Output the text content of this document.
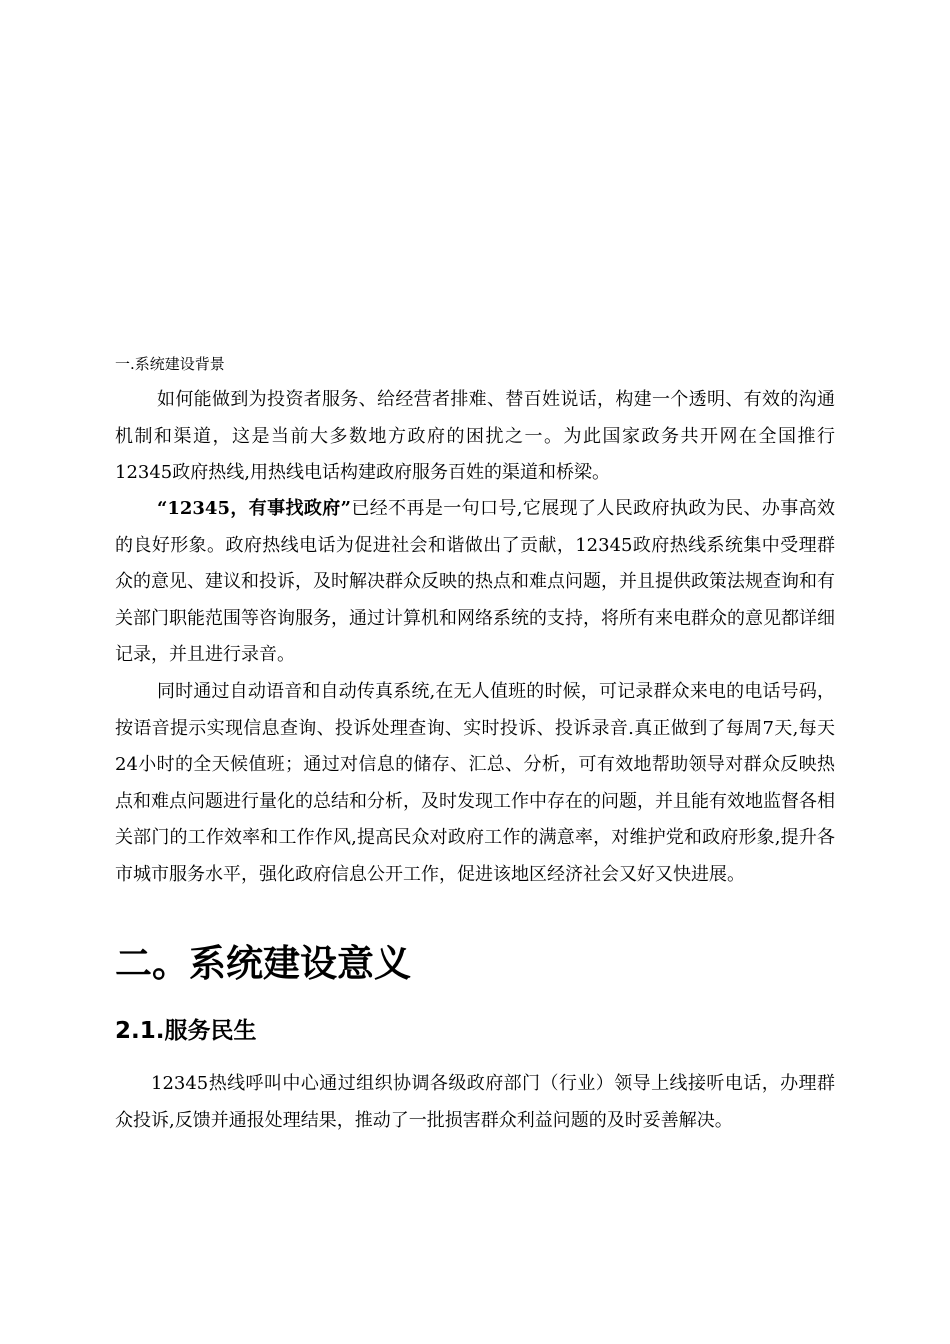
一.系统建设背景

如何能做到为投资者服务、给经营者排难、替百姓说话，构建一个透明、有效的沟通机制和渠道，这是当前大多数地方政府的困扰之一。为此国家政务共开网在全国推行12345政府热线,用热线电话构建政府服务百姓的渠道和桥梁。

“12345，有事找政府”已经不再是一句口号,它展现了人民政府执政为民、办事高效的良好形象。政府热线电话为促进社会和谐做出了贡献，12345政府热线系统集中受理群众的意见、建议和投诉，及时解决群众反映的热点和难点问题，并且提供政策法规查询和有关部门职能范围等咨询服务，通过计算机和网络系统的支持，将所有来电群众的意见都详细记录，并且进行录音。

同时通过自动语音和自动传真系统,在无人值班的时候，可记录群众来电的电话号码，按语音提示实现信息查询、投诉处理查询、实时投诉、投诉录音.真正做到了每周7天,每天24小时的全天候值班；通过对信息的储存、汇总、分析，可有效地帮助领导对群众反映热点和难点问题进行量化的总结和分析，及时发现工作中存在的问题，并且能有效地监督各相关部门的工作效率和工作作风,提高民众对政府工作的满意率，对维护党和政府形象,提升各市城市服务水平，强化政府信息公开工作，促进该地区经济社会又好又快进展。

二。系统建设意义
2.1.服务民生

12345热线呼叫中心通过组织协调各级政府部门（行业）领导上线接听电话，办理群众投诉,反馈并通报处理结果，推动了一批损害群众利益问题的及时妥善解决。
